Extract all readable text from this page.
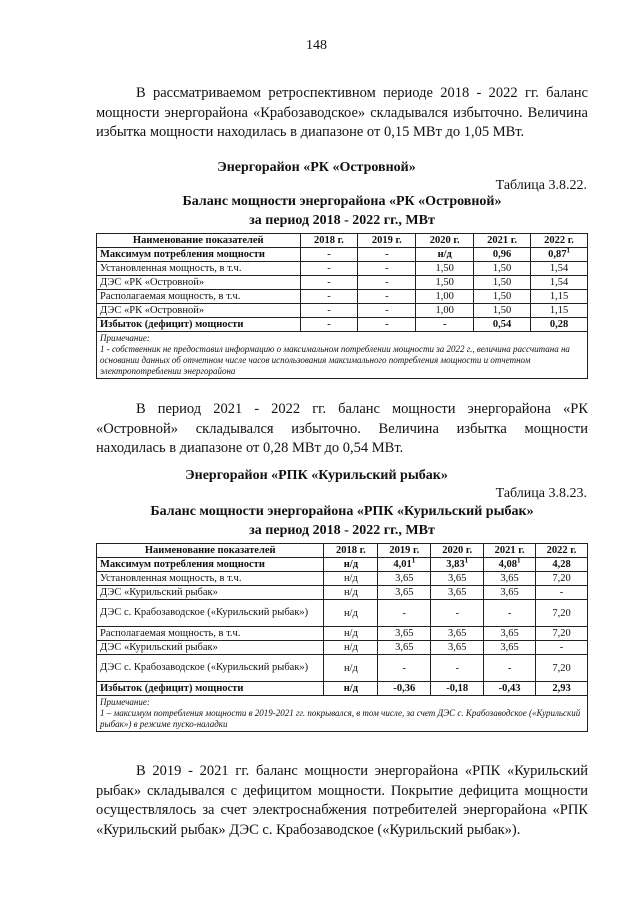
148
В рассматриваемом ретроспективном периоде 2018 - 2022 гг. баланс мощности энергорайона «Крабозаводское» складывался избыточно. Величина избытка мощности находилась в диапазоне от 0,15 МВт до 1,05 МВт.
Энергорайон «РК «Островной»
Таблица 3.8.22.
Баланс мощности энергорайона «РК «Островной»
за период 2018 - 2022 гг., МВт
Наименование показателей	2018 г.	2019 г.	2020 г.	2021 г.	2022 г.
Максимум потребления мощности	-	-	н/д	0,96	0,87$^1$
Установленная мощность, в т.ч.	-	-	1,50	1,50	1,54
ДЭС «РК «Островной»	-	-	1,50	1,50	1,54
Располагаемая мощность, в т.ч.	-	-	1,00	1,50	1,15
ДЭС «РК «Островной»	-	-	1,00	1,50	1,15
Избыток (дефицит) мощности	-	-	-	0,54	0,28

Примечание:
1 - собственник не предоставил информацию о максимальном потреблении мощности за 2022 г., величина рассчитана на основании данных об отчетном числе часов использования максимального потребления мощности и отчетном электропотреблении энергорайона					
В период 2021 - 2022 гг. баланс мощности энергорайона «РК «Островной» складывался избыточно. Величина избытка мощности находилась в диапазоне от 0,28 МВт до 0,54 МВт.
Энергорайон «РПК «Курильский рыбак»
Таблица 3.8.23.
Баланс мощности энергорайона «РПК «Курильский рыбак»
за период 2018 - 2022 гг., МВт
Наименование показателей	2018 г.	2019 г.	2020 г.	2021 г.	2022 г.
Максимум потребления мощности	н/д	4,01$^1$	3,83$^1$	4,08$^1$	4,28
Установленная мощность, в т.ч.	н/д	3,65	3,65	3,65	7,20
ДЭС «Курильский рыбак»	н/д	3,65	3,65	3,65	-
ДЭС с. Крабозаводское («Курильский рыбак»)	н/д	-	-	-	7,20
Располагаемая мощность, в т.ч.	н/д	3,65	3,65	3,65	7,20
ДЭС «Курильский рыбак»	н/д	3,65	3,65	3,65	-
ДЭС с. Крабозаводское («Курильский рыбак»)	н/д	-	-	-	7,20
Избыток (дефицит) мощности	н/д	-0,36	-0,18	-0,43	2,93

Примечание:
1 – максимум потребления мощности в 2019-2021 гг. покрывался, в том числе, за счет ДЭС с. Крабозаводское («Курильский рыбак») в режиме пуско-наладки					
В 2019 - 2021 гг. баланс мощности энергорайона «РПК «Курильский рыбак» складывался с дефицитом мощности. Покрытие дефицита мощности осуществлялось за счет электроснабжения потребителей энергорайона «РПК «Курильский рыбак» ДЭС с. Крабозаводское («Курильский рыбак»).
